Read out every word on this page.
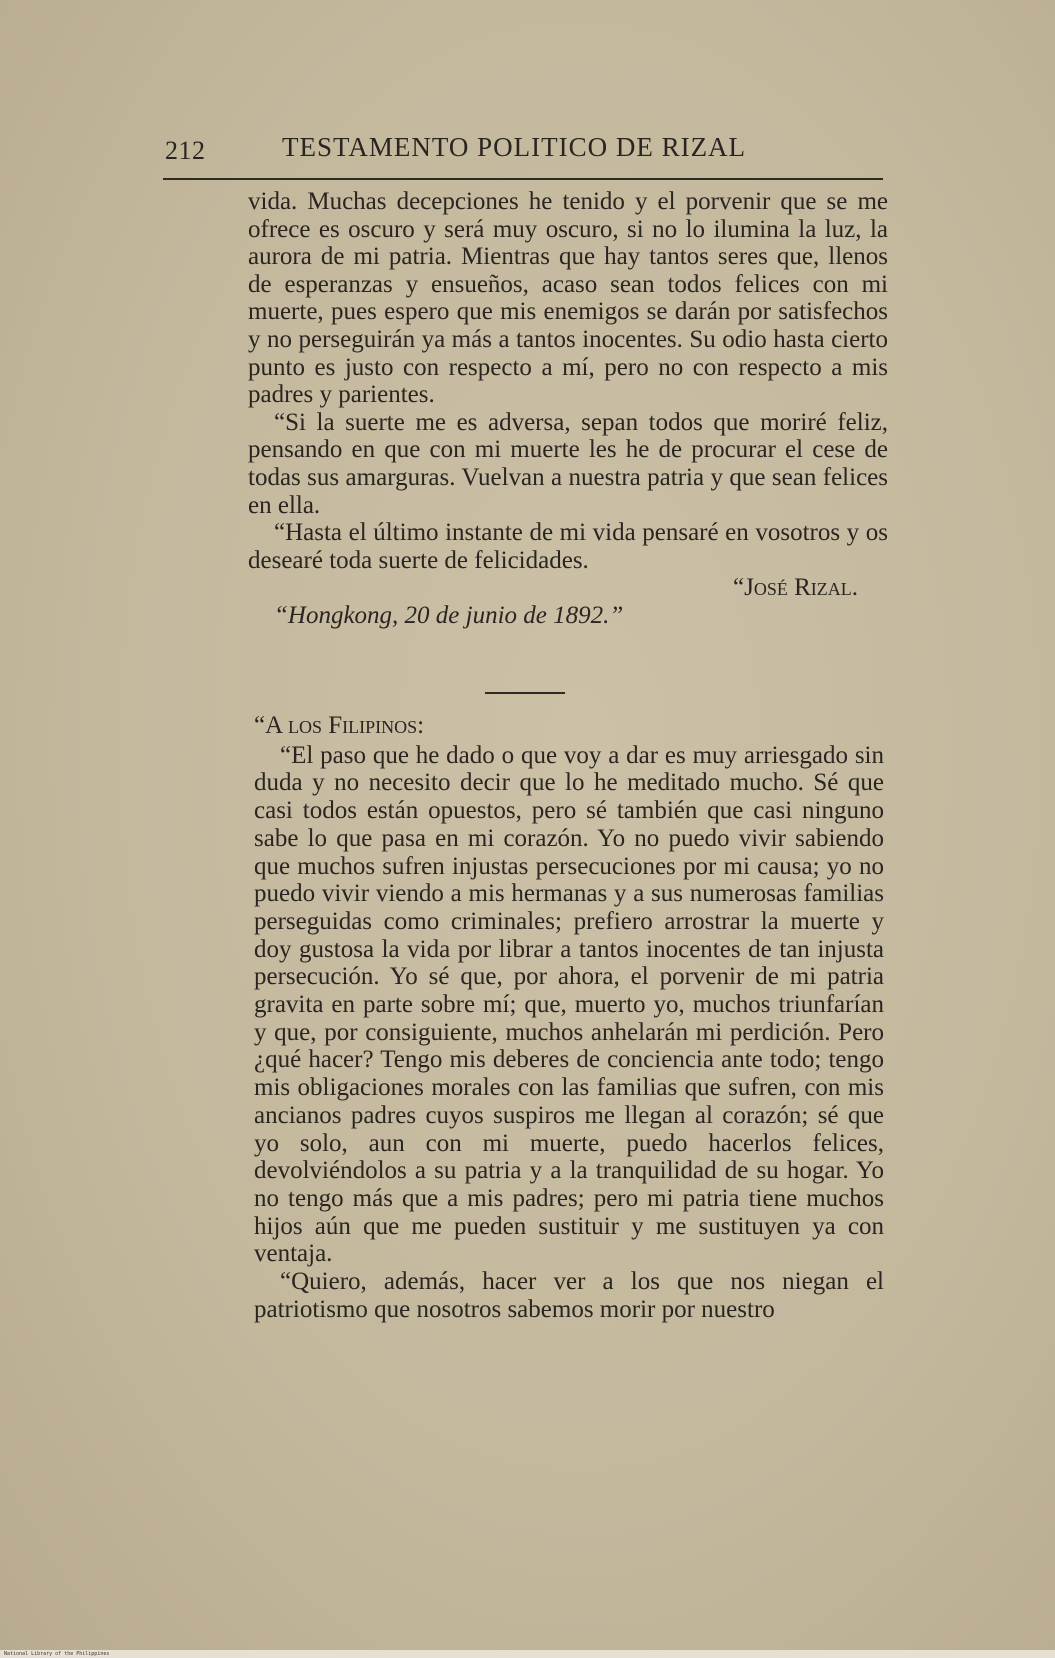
212	TESTAMENTO POLITICO DE RIZAL

vida. Muchas decepciones he tenido y el porvenir que se me ofrece es oscuro y será muy oscuro, si no lo ilumina la luz, la aurora de mi patria. Mientras que hay tantos seres que, llenos de esperanzas y ensueños, acaso sean todos felices con mi muerte, pues espero que mis enemigos se darán por satisfechos y no perseguirán ya más a tantos inocentes. Su odio hasta cierto punto es justo con respecto a mí, pero no con respecto a mis padres y parientes.

“Si la suerte me es adversa, sepan todos que moriré feliz, pensando en que con mi muerte les he de procurar el cese de todas sus amarguras. Vuelvan a nuestra patria y que sean felices en ella.

“Hasta el último instante de mi vida pensaré en vosotros y os desearé toda suerte de felicidades.

“José Rizal.

“Hongkong, 20 de junio de 1892.”

“A los Filipinos:

“El paso que he dado o que voy a dar es muy arriesgado sin duda y no necesito decir que lo he meditado mucho. Sé que casi todos están opuestos, pero sé también que casi ninguno sabe lo que pasa en mi corazón. Yo no puedo vivir sabiendo que muchos sufren injustas persecuciones por mi causa; yo no puedo vivir viendo a mis hermanas y a sus numerosas familias perseguidas como criminales; prefiero arrostrar la muerte y doy gustosa la vida por librar a tantos inocentes de tan injusta persecución. Yo sé que, por ahora, el porvenir de mi patria gravita en parte sobre mí; que, muerto yo, muchos triunfarían y que, por consiguiente, muchos anhelarán mi perdición. Pero ¿qué hacer? Tengo mis deberes de conciencia ante todo; tengo mis obligaciones morales con las familias que sufren, con mis ancianos padres cuyos suspiros me llegan al corazón; sé que yo solo, aun con mi muerte, puedo hacerlos felices, devolviéndolos a su patria y a la tranquilidad de su hogar. Yo no tengo más que a mis padres; pero mi patria tiene muchos hijos aún que me pueden sustituir y me sustituyen ya con ventaja.

“Quiero, además, hacer ver a los que nos niegan el patriotismo que nosotros sabemos morir por nuestro

National Library of the Philippines
